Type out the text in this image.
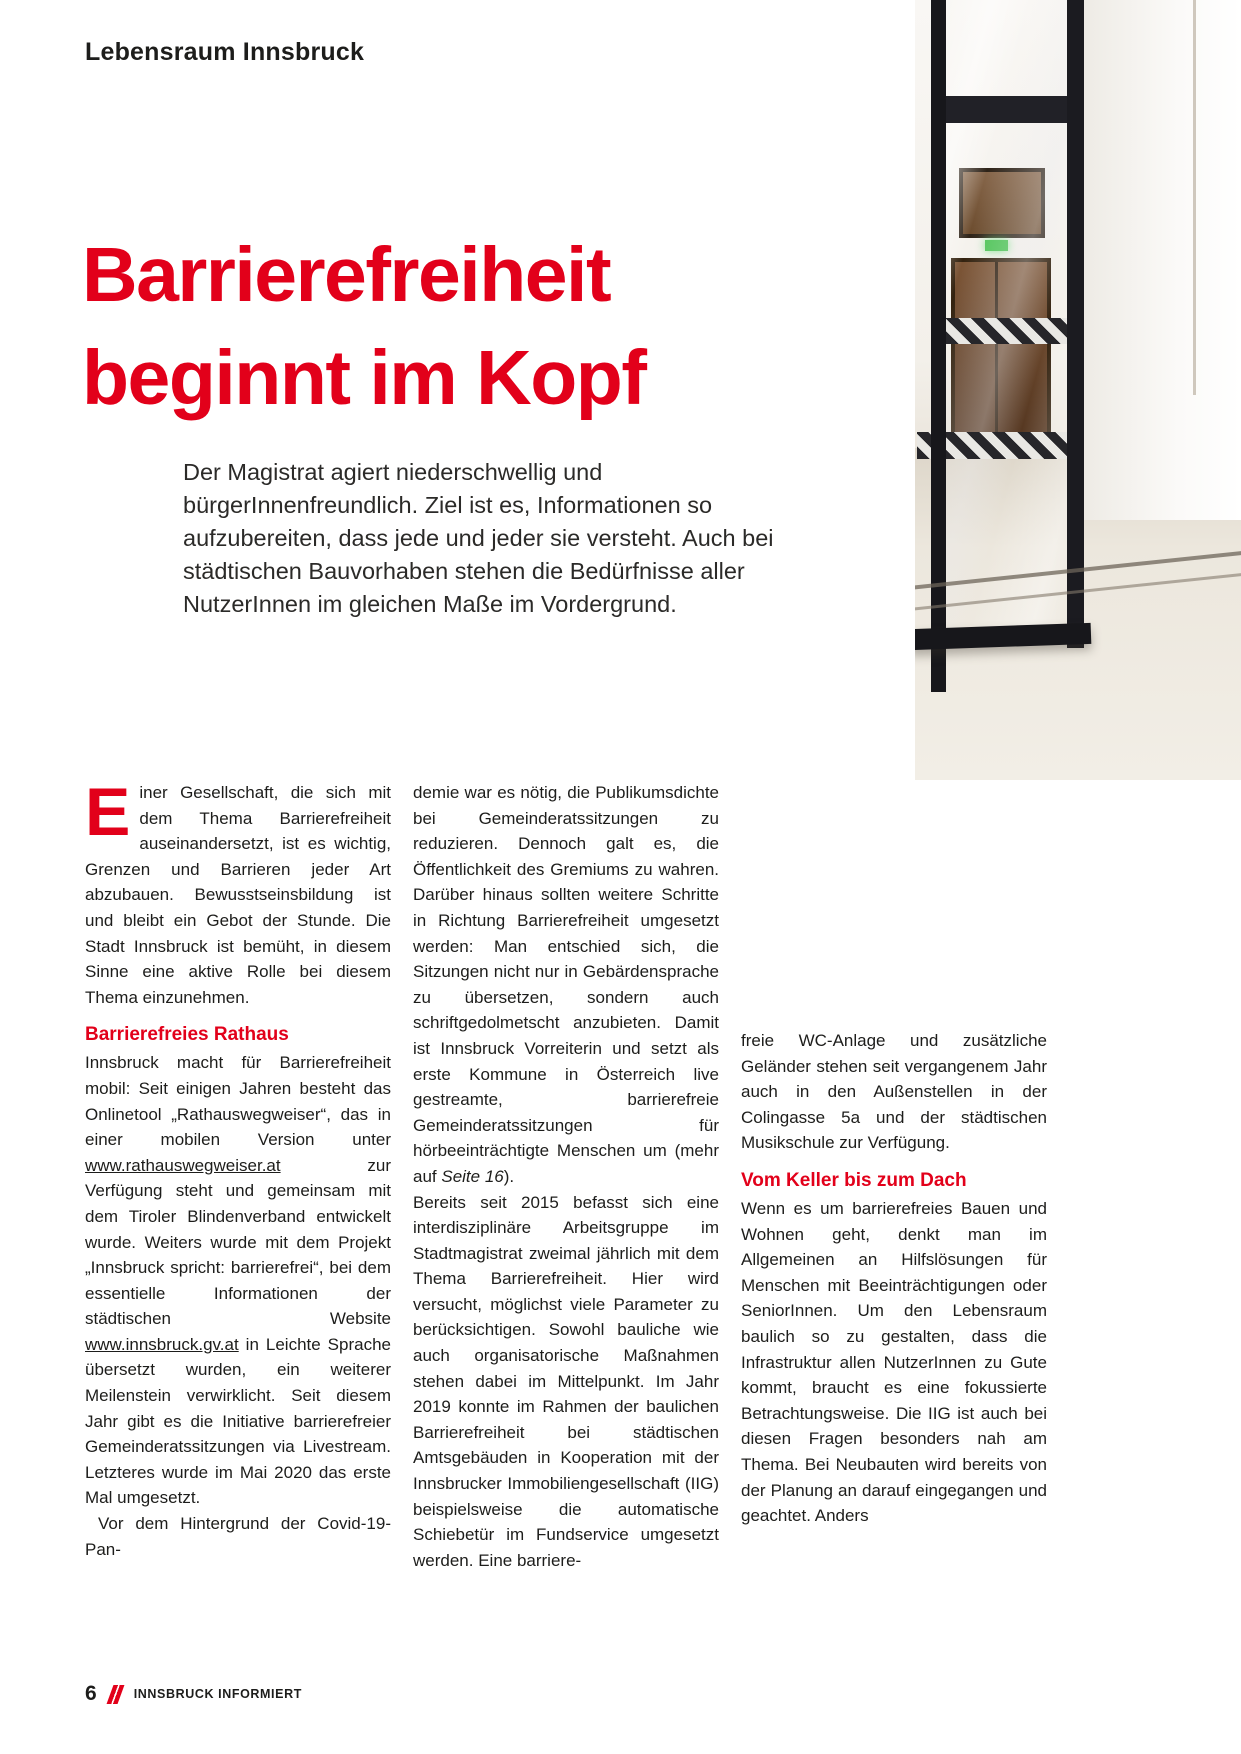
Lebensraum Innsbruck
Barrierefreiheit
beginnt im Kopf

Der Magistrat agiert niederschwellig und bürgerInnenfreundlich. Ziel ist es, Informationen so aufzubereiten, dass jede und jeder sie versteht. Auch bei städtischen Bauvorhaben stehen die Bedürfnisse aller NutzerInnen im gleichen Maße im Vordergrund.

Einer Gesellschaft, die sich mit dem Thema Barrierefreiheit auseinandersetzt, ist es wichtig, Grenzen und Barrieren jeder Art abzubauen. Bewusstseinsbildung ist und bleibt ein Gebot der Stunde. Die Stadt Innsbruck ist bemüht, in diesem Sinne eine aktive Rolle bei diesem Thema einzunehmen.

Barrierefreies Rathaus

Innsbruck macht für Barrierefreiheit mobil: Seit einigen Jahren besteht das Onlinetool „Rathauswegweiser“, das in einer mobilen Version unter www.rathauswegweiser.at zur Verfügung steht und gemeinsam mit dem Tiroler Blindenverband entwickelt wurde. Weiters wurde mit dem Projekt „Innsbruck spricht: barrierefrei“, bei dem essentielle Informationen der städtischen Website www.innsbruck.gv.at in Leichte Sprache übersetzt wurden, ein weiterer Meilenstein verwirklicht. Seit diesem Jahr gibt es die Initiative barrierefreier Gemeinderatssitzungen via Livestream. Letzteres wurde im Mai 2020 das erste Mal umgesetzt.

Vor dem Hintergrund der Covid-19-Pan-

demie war es nötig, die Publikumsdichte bei Gemeinderatssitzungen zu reduzieren. Dennoch galt es, die Öffentlichkeit des Gremiums zu wahren. Darüber hinaus sollten weitere Schritte in Richtung Barrierefreiheit umgesetzt werden: Man entschied sich, die Sitzungen nicht nur in Gebärdensprache zu übersetzen, sondern auch schriftgedolmetscht anzubieten. Damit ist Innsbruck Vorreiterin und setzt als erste Kommune in Österreich live gestreamte, barrierefreie Gemeinderatssitzungen für hörbeeinträchtigte Menschen um (mehr auf Seite 16).

Bereits seit 2015 befasst sich eine interdisziplinäre Arbeitsgruppe im Stadtmagistrat zweimal jährlich mit dem Thema Barrierefreiheit. Hier wird versucht, möglichst viele Parameter zu berücksichtigen. Sowohl bauliche wie auch organisatorische Maßnahmen stehen dabei im Mittelpunkt. Im Jahr 2019 konnte im Rahmen der baulichen Barrierefreiheit bei städtischen Amtsgebäuden in Kooperation mit der Innsbrucker Immobiliengesellschaft (IIG) beispielsweise die automatische Schiebetür im Fundservice umgesetzt werden. Eine barriere-

freie WC-Anlage und zusätzliche Geländer stehen seit vergangenem Jahr auch in den Außenstellen in der Colingasse 5a und der städtischen Musikschule zur Verfügung.

Vom Keller bis zum Dach

Wenn es um barrierefreies Bauen und Wohnen geht, denkt man im Allgemeinen an Hilfslösungen für Menschen mit Beeinträchtigungen oder SeniorInnen. Um den Lebensraum baulich so zu gestalten, dass die Infrastruktur allen NutzerInnen zu Gute kommt, braucht es eine fokussierte Betrachtungsweise. Die IIG ist auch bei diesen Fragen besonders nah am Thema. Bei Neubauten wird bereits von der Planung an darauf eingegangen und geachtet. Anders

6	INNSBRUCK INFORMIERT
